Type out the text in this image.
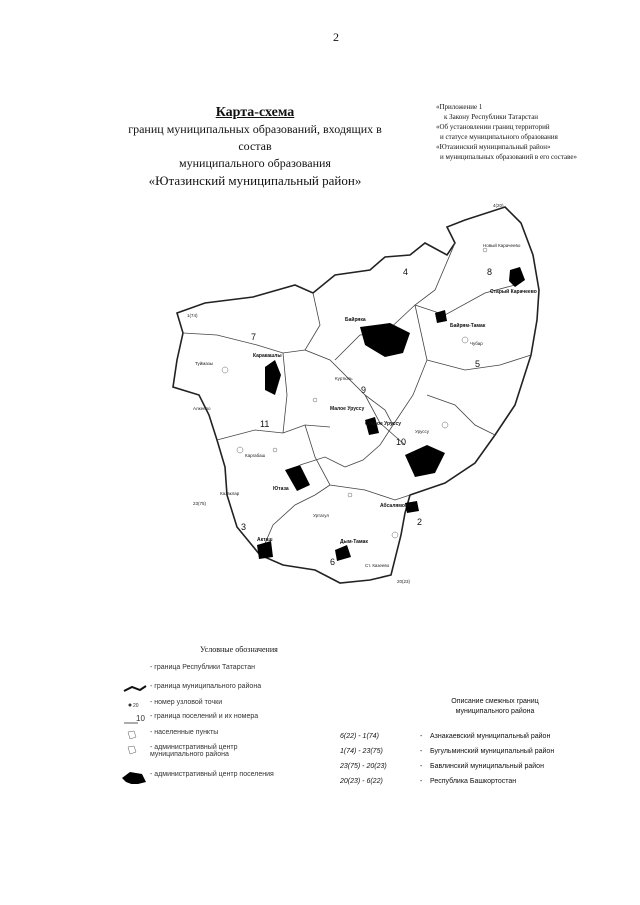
2
Карта-схема
границ муниципальных образований, входящих в состав
муниципального образования
«Ютазинский муниципальный район»
«Приложение 1
к Закону Республики Татарстан
«Об установлении границ территорий
и статусе муниципального образования
«Ютазинский муниципальный район»
и муниципальных образований в его составе»
4
7
8
5
9
10
11
3
6
2
4(20)
1(74)
23(75)
20(23)
Байряка
Старый Карачеево
Новый Карачеево
Байрям-Тамак
Каракашлы
Малое Уруссу
Старое Уруссу
Ютаза
Абсалямово
Уруссу
Акташ	Дым-Тамак
Уртагул
Туймазы
Алкеево
Казаклар
Чубар
Куртюль
Каргабаш
Ст. Казеево
Условные обозначения
- граница Республики Татарстан
- граница муниципального района
20 - номер узловой точки
10 - граница поселений и их номера
- населенные пункты
- административный центр
муниципального района
- административный центр поселения
Описание смежных границ
муниципального района
6(22) - 1(74)	- Азнакаевский муниципальный район
1(74) - 23(75)	- Бугульминский муниципальный район
23(75) - 20(23)	- Бавлинский муниципальный район
20(23) - 6(22)	- Республика Башкортостан
